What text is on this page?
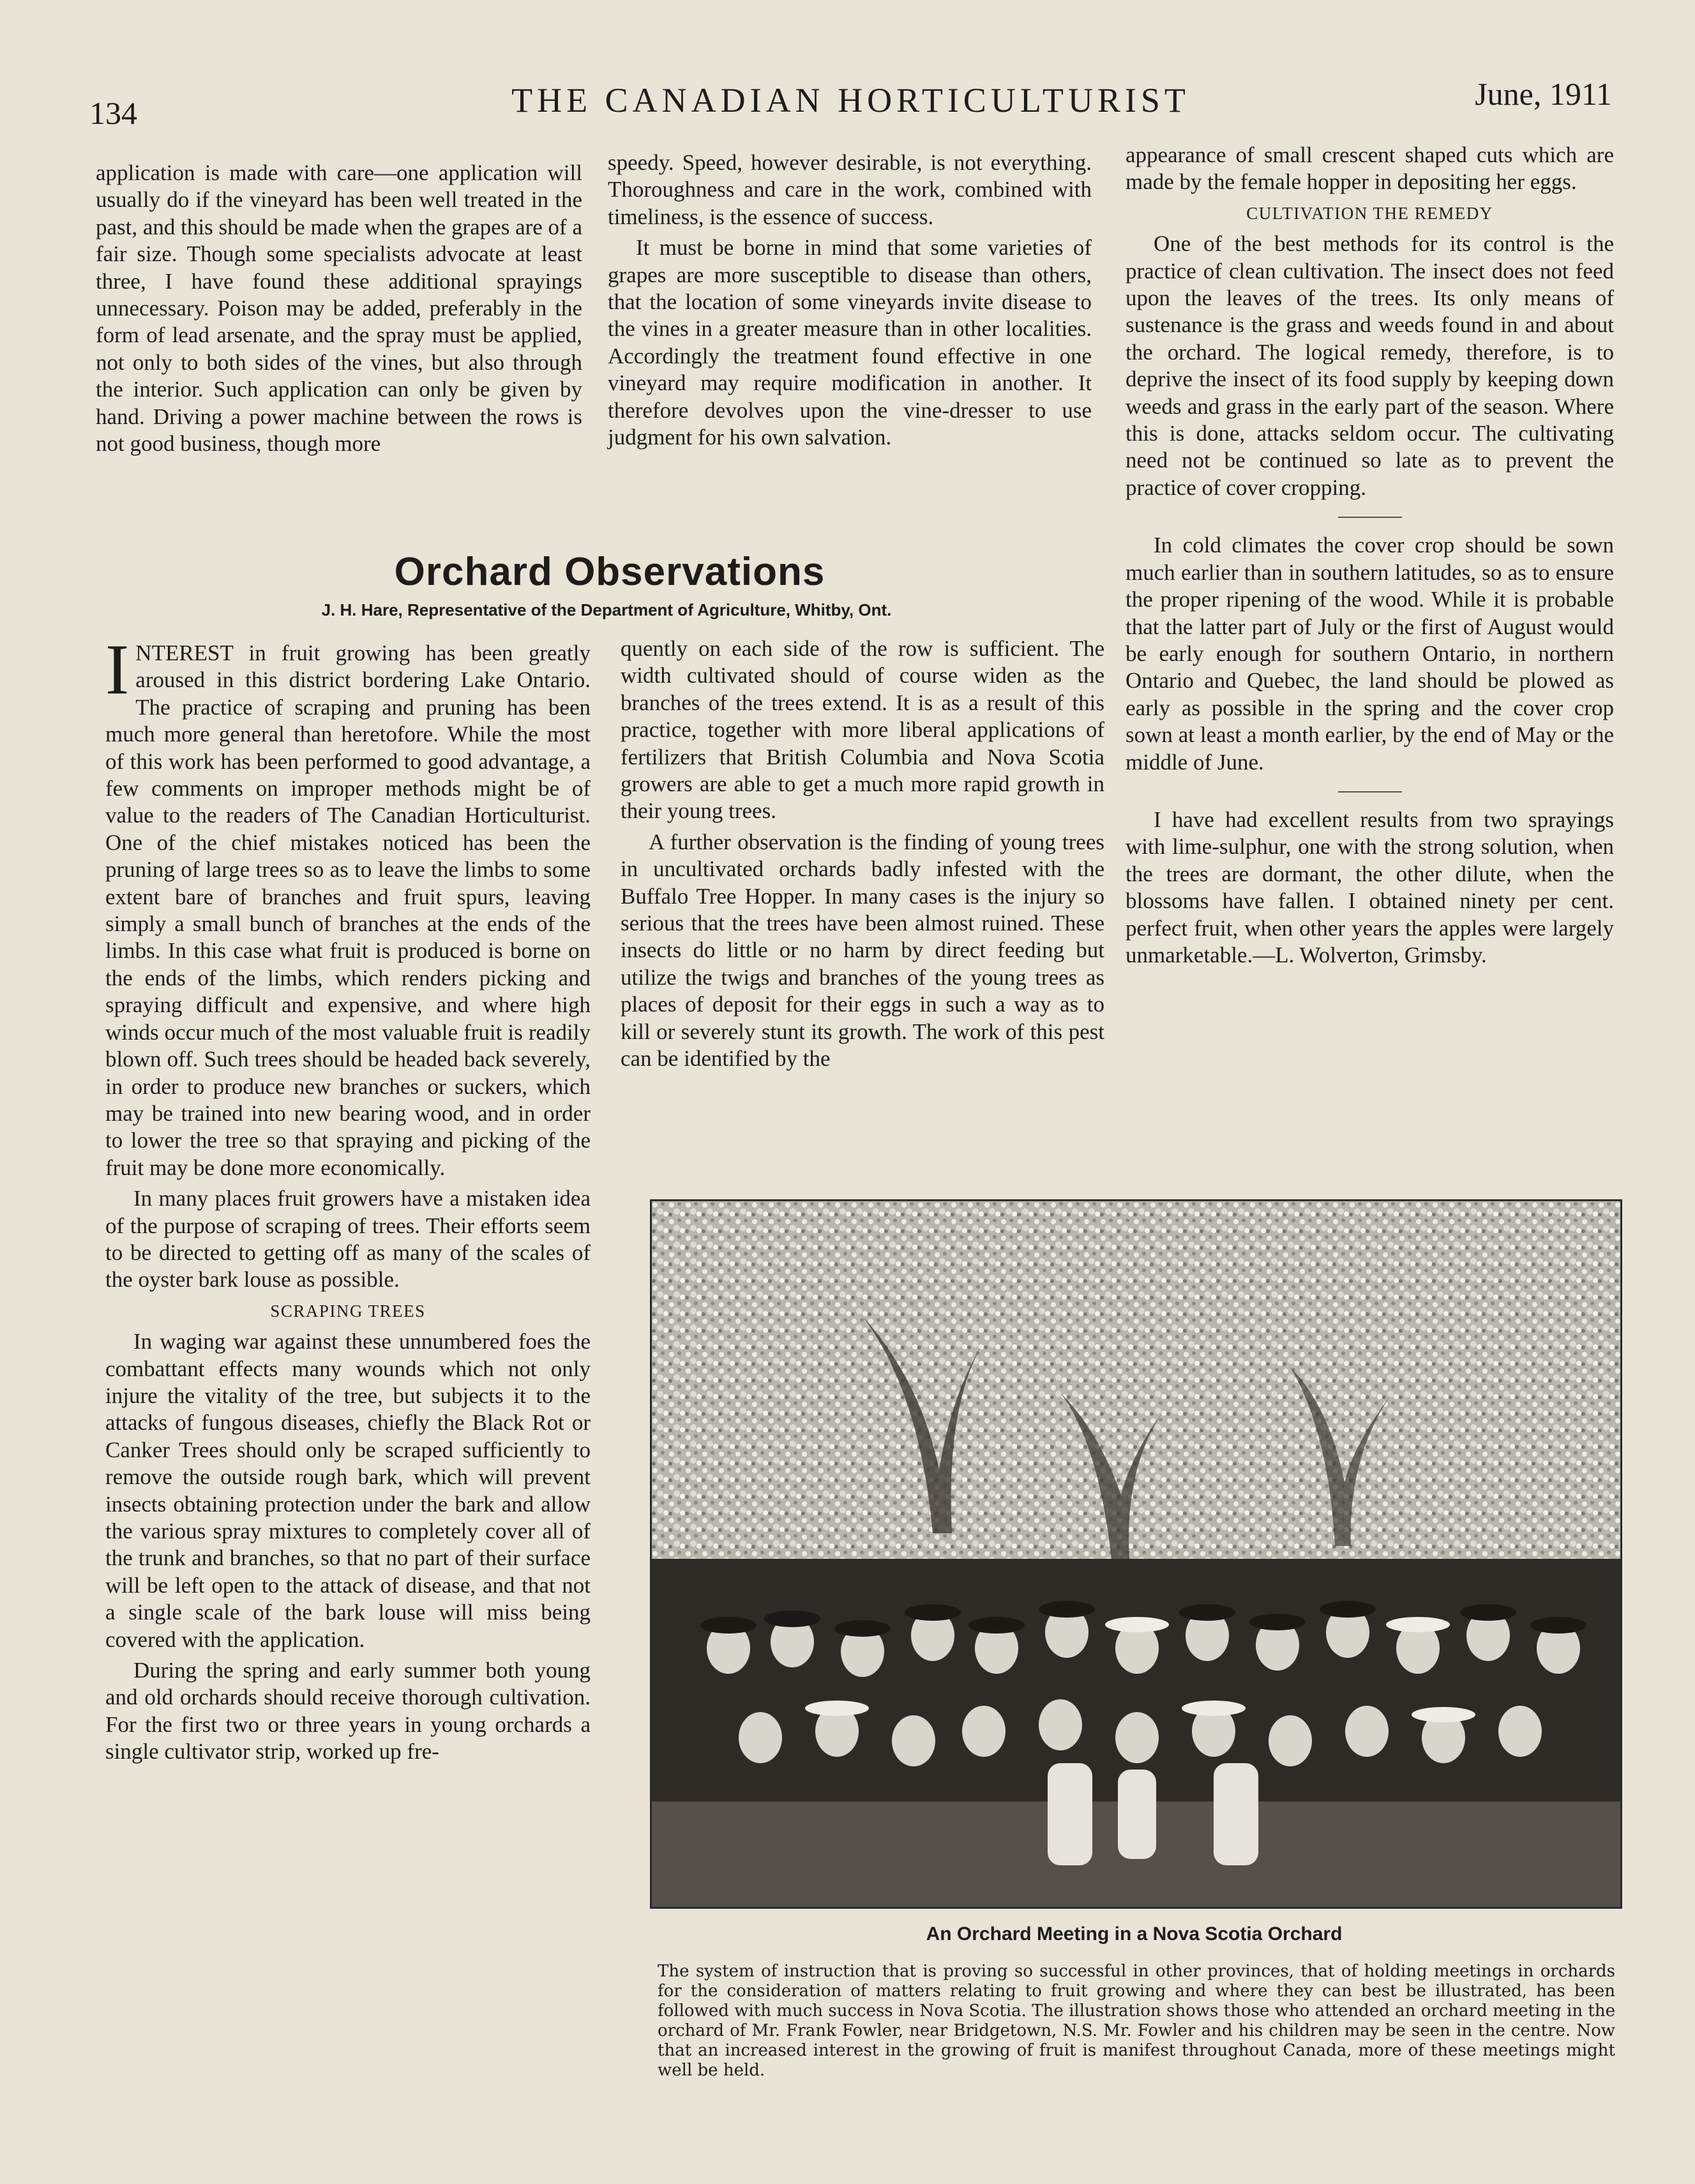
134	THE CANADIAN HORTICULTURIST	June, 1911

application is made with care—one application will usually do if the vineyard has been well treated in the past, and this should be made when the grapes are of a fair size. Though some specialists advocate at least three, I have found these additional sprayings unnecessary. Poison may be added, preferably in the form of lead arsenate, and the spray must be applied, not only to both sides of the vines, but also through the interior. Such application can only be given by hand. Driving a power machine between the rows is not good business, though more

speedy. Speed, however desirable, is not everything. Thoroughness and care in the work, combined with timeliness, is the essence of success.

It must be borne in mind that some varieties of grapes are more susceptible to disease than others, that the location of some vineyards invite disease to the vines in a greater measure than in other localities. Accordingly the treatment found effective in one vineyard may require modification in another. It therefore devolves upon the vine-dresser to use judgment for his own salvation.

Orchard Observations
J. H. Hare, Representative of the Department of Agriculture, Whitby, Ont.

INTEREST in fruit growing has been greatly aroused in this district bordering Lake Ontario. The practice of scraping and pruning has been much more general than heretofore. While the most of this work has been performed to good advantage, a few comments on improper methods might be of value to the readers of The Canadian Horticulturist. One of the chief mistakes noticed has been the pruning of large trees so as to leave the limbs to some extent bare of branches and fruit spurs, leaving simply a small bunch of branches at the ends of the limbs. In this case what fruit is produced is borne on the ends of the limbs, which renders picking and spraying difficult and expensive, and where high winds occur much of the most valuable fruit is readily blown off. Such trees should be headed back severely, in order to produce new branches or suckers, which may be trained into new bearing wood, and in order to lower the tree so that spraying and picking of the fruit may be done more economically.

In many places fruit growers have a mistaken idea of the purpose of scraping of trees. Their efforts seem to be directed to getting off as many of the scales of the oyster bark louse as possible.

SCRAPING TREES

In waging war against these unnumbered foes the combattant effects many wounds which not only injure the vitality of the tree, but subjects it to the attacks of fungous diseases, chiefly the Black Rot or Canker Trees should only be scraped sufficiently to remove the outside rough bark, which will prevent insects obtaining protection under the bark and allow the various spray mixtures to completely cover all of the trunk and branches, so that no part of their surface will be left open to the attack of disease, and that not a single scale of the bark louse will miss being covered with the application.

During the spring and early summer both young and old orchards should receive thorough cultivation. For the first two or three years in young orchards a single cultivator strip, worked up fre-

quently on each side of the row is sufficient. The width cultivated should of course widen as the branches of the trees extend. It is as a result of this practice, together with more liberal applications of fertilizers that British Columbia and Nova Scotia growers are able to get a much more rapid growth in their young trees.

A further observation is the finding of young trees in uncultivated orchards badly infested with the Buffalo Tree Hopper. In many cases is the injury so serious that the trees have been almost ruined. These insects do little or no harm by direct feeding but utilize the twigs and branches of the young trees as places of deposit for their eggs in such a way as to kill or severely stunt its growth. The work of this pest can be identified by the

appearance of small crescent shaped cuts which are made by the female hopper in depositing her eggs.

CULTIVATION THE REMEDY

One of the best methods for its control is the practice of clean cultivation. The insect does not feed upon the leaves of the trees. Its only means of sustenance is the grass and weeds found in and about the orchard. The logical remedy, therefore, is to deprive the insect of its food supply by keeping down weeds and grass in the early part of the season. Where this is done, attacks seldom occur. The cultivating need not be continued so late as to prevent the practice of cover cropping.

In cold climates the cover crop should be sown much earlier than in southern latitudes, so as to ensure the proper ripening of the wood. While it is probable that the latter part of July or the first of August would be early enough for southern Ontario, in northern Ontario and Quebec, the land should be plowed as early as possible in the spring and the cover crop sown at least a month earlier, by the end of May or the middle of June.

I have had excellent results from two sprayings with lime-sulphur, one with the strong solution, when the trees are dormant, the other dilute, when the blossoms have fallen. I obtained ninety per cent. perfect fruit, when other years the apples were largely unmarketable.—L. Wolverton, Grimsby.

An Orchard Meeting in a Nova Scotia Orchard
The system of instruction that is proving so successful in other provinces, that of holding meetings in orchards for the consideration of matters relating to fruit growing and where they can best be illustrated, has been followed with much success in Nova Scotia. The illustration shows those who attended an orchard meeting in the orchard of Mr. Frank Fowler, near Bridgetown, N.S. Mr. Fowler and his children may be seen in the centre. Now that an increased interest in the growing of fruit is manifest throughout Canada, more of these meetings might well be held.
